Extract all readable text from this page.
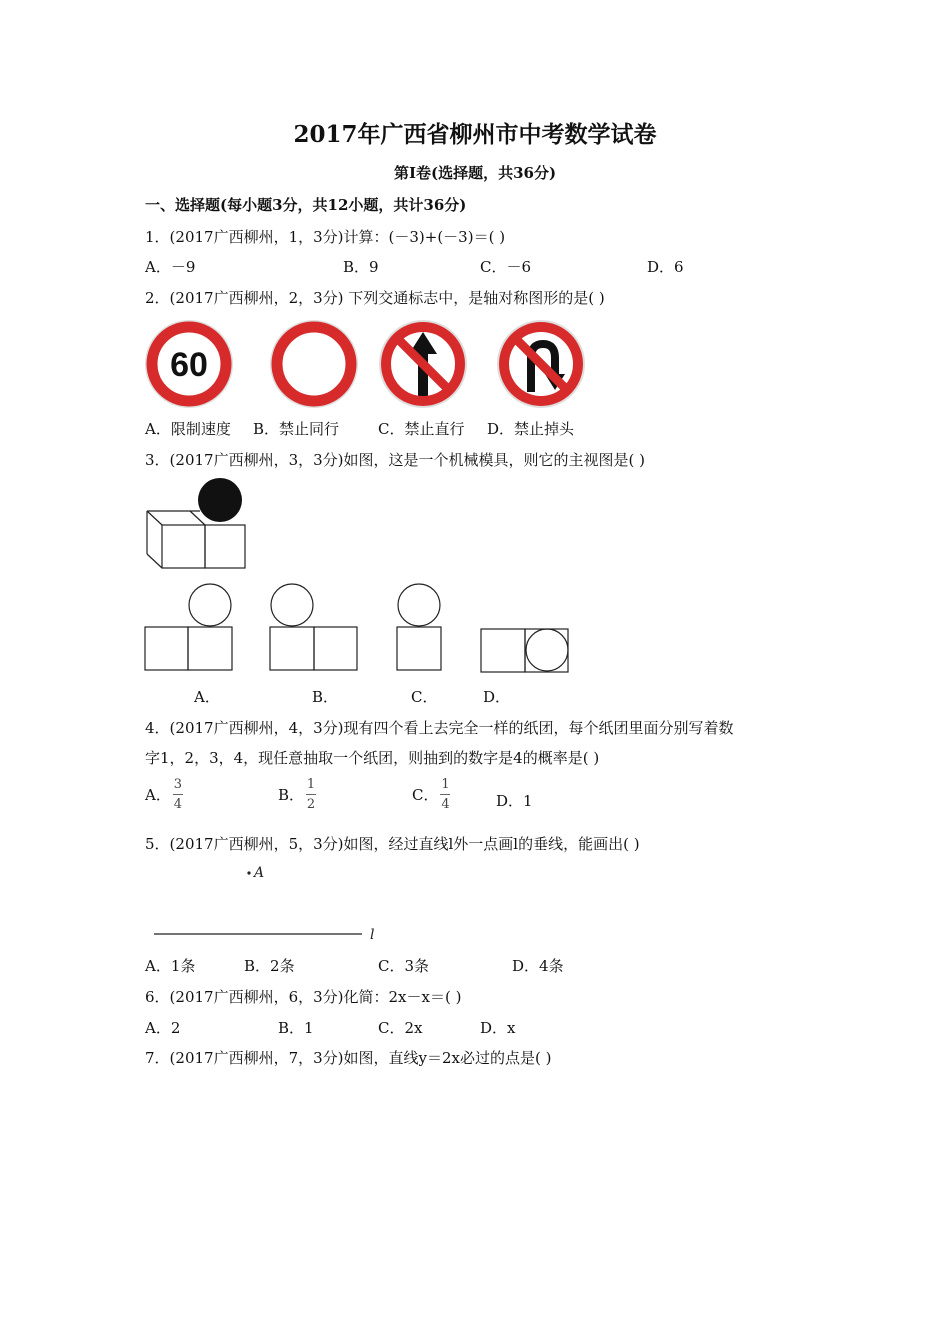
2017年广西省柳州市中考数学试卷
第Ⅰ卷(选择题，共36分)
一、选择题(每小题3分，共12小题，共计36分)
1．(2017广西柳州，1，3分)计算：(－3)+(－3)＝( )
A．－9	B．9	C．－6	D．6
2．(2017广西柳州，2，3分) 下列交通标志中，是轴对称图形的是( )
60
A．限制速度 B．禁止同行	C．禁止直行 D．禁止掉头
3．(2017广西柳州，3，3分)如图，这是一个机械模具，则它的主视图是( )
A．	B．	C．	D．
4．(2017广西柳州，4，3分)现有四个看上去完全一样的纸团，每个纸团里面分别写着数
字1，2，3，4，现任意抽取一个纸团，则抽到的数字是4的概率是( )
A． $\frac{3}{4}$	B． $\frac{1}{2}$	C． $\frac{1}{4}$	D．1
5．(2017广西柳州，5，3分)如图，经过直线l外一点画l的垂线，能画出( )
A
l
A．1条	B．2条	C．3条	D．4条
6．(2017广西柳州，6，3分)化简：2x－x＝( )
A．2	B．1	C．2x	D．x
7．(2017广西柳州，7，3分)如图，直线y＝2x必过的点是( )
